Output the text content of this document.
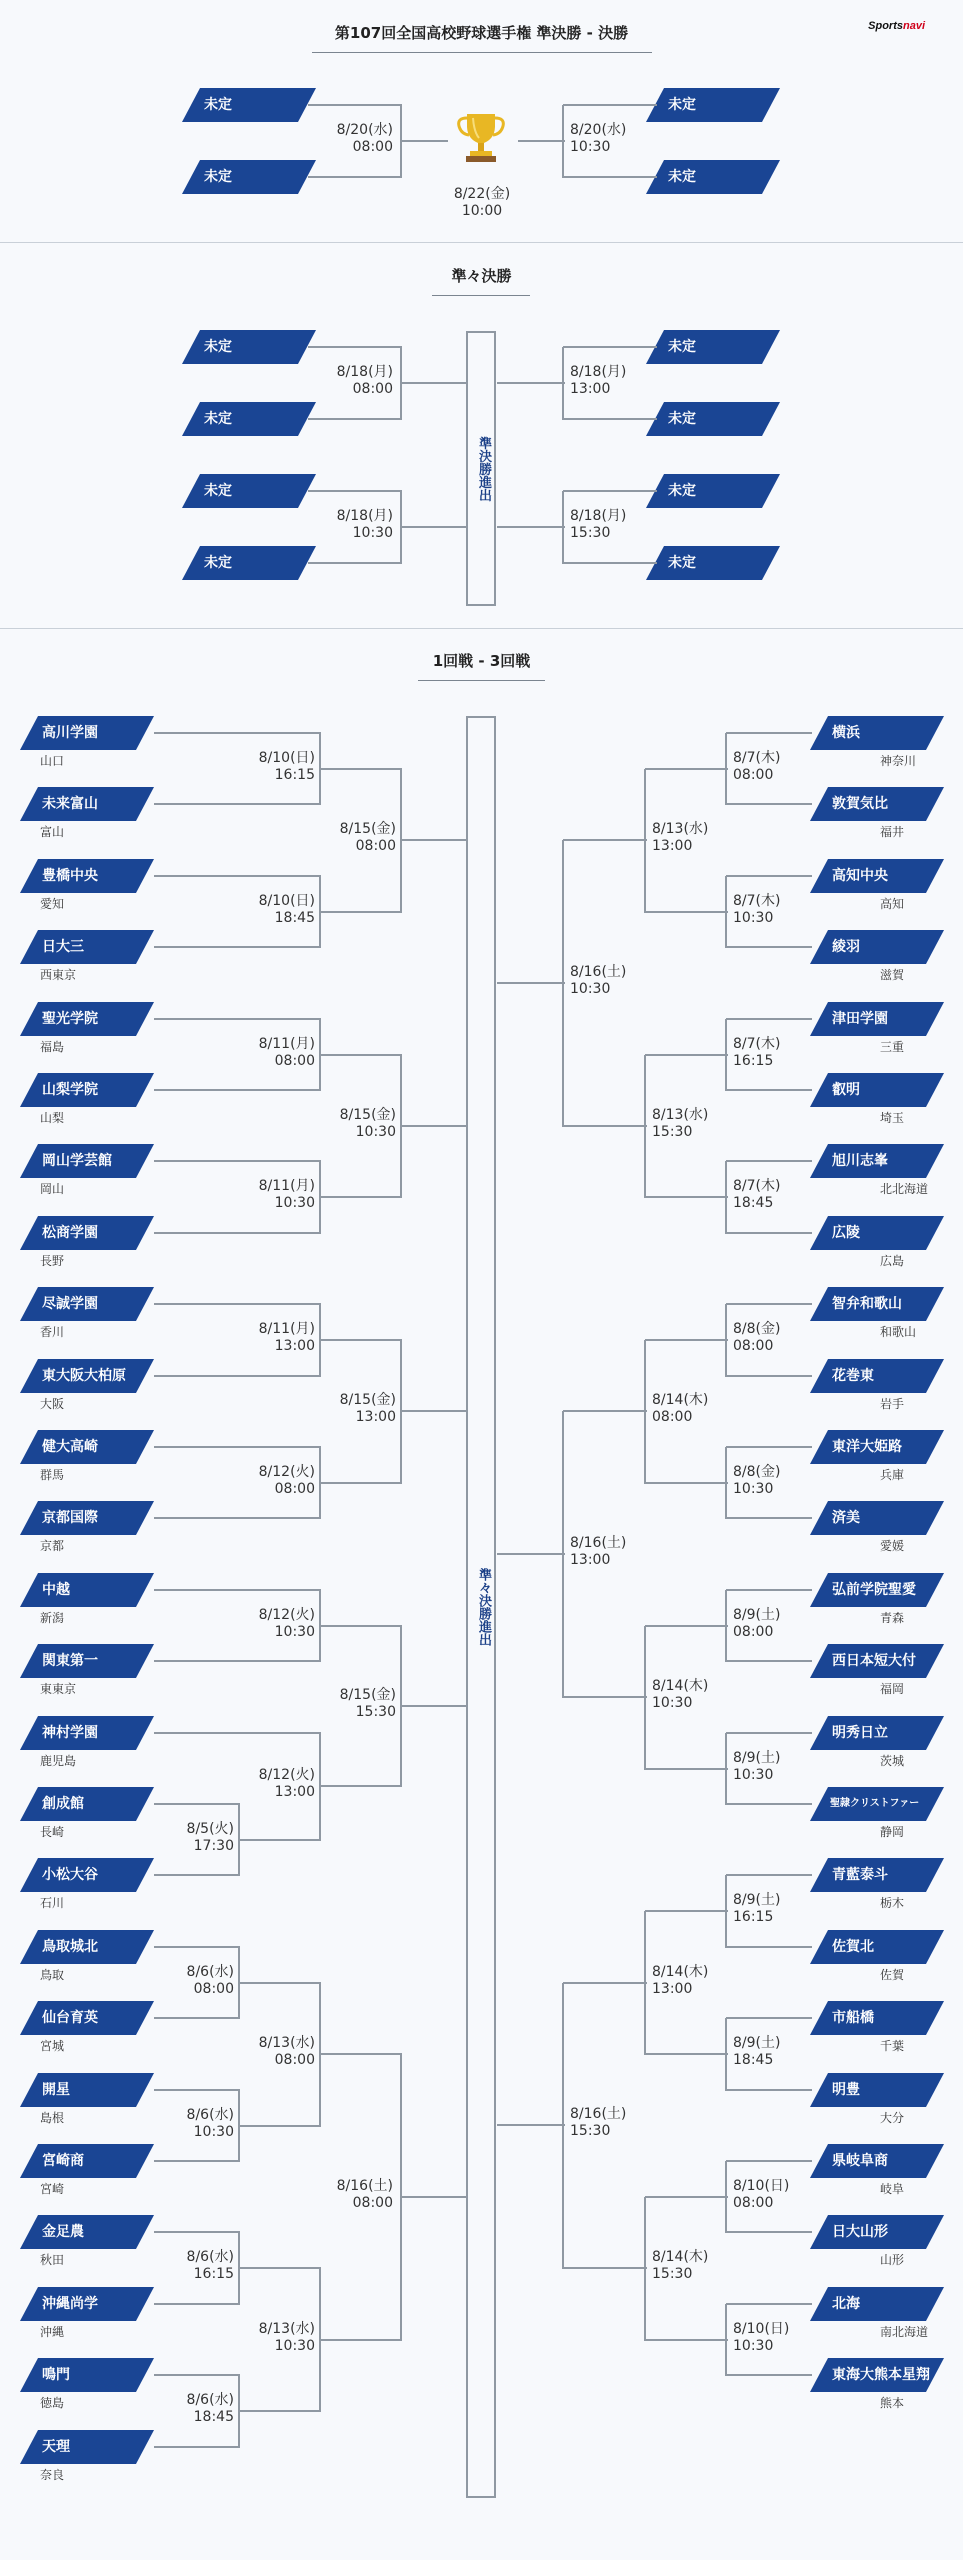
第107回全国高校野球選手権 準決勝 - 決勝	Sportsnavi
準々決勝
1回戦 - 3回戦
未定
未定
未定
未定
8/20(水)
08:00
8/20(水)
10:30
8/22(金)
10:00
未定
未定
未定
未定
未定
未定
未定
未定
8/18(月)
08:00
8/18(月)
13:00
8/18(月)
10:30
8/18(月)
15:30
準決勝進出
高川学園
山口
未来富山
富山
豊橋中央
愛知
日大三
西東京
聖光学院
福島
山梨学院
山梨
岡山学芸館
岡山
松商学園
長野
尽誠学園
香川
東大阪大柏原
大阪
健大高崎
群馬
京都国際
京都
中越
新潟
関東第一
東東京
神村学園
鹿児島
創成館
長崎
小松大谷
石川
鳥取城北
鳥取
仙台育英
宮城
開星
島根
宮崎商
宮崎
金足農
秋田
沖縄尚学
沖縄
鳴門
徳島
天理
奈良
横浜
神奈川
敦賀気比
福井
高知中央
高知
綾羽
滋賀
津田学園
三重
叡明
埼玉
旭川志峯
北北海道
広陵
広島
智弁和歌山
和歌山
花巻東
岩手
東洋大姫路
兵庫
済美
愛媛
弘前学院聖愛
青森
西日本短大付
福岡
明秀日立
茨城
聖隷クリストファー
静岡
青藍泰斗
栃木
佐賀北
佐賀
市船橋
千葉
明豊
大分
県岐阜商
岐阜
日大山形
山形
北海
南北海道
東海大熊本星翔
熊本
8/10(日)
16:15
8/10(日)
18:45
8/15(金)
08:00
8/11(月)
08:00
8/11(月)
10:30
8/15(金)
10:30
8/11(月)
13:00
8/12(火)
08:00
8/15(金)
13:00
8/12(火)
10:30
8/5(火)
17:30
8/12(火)
13:00
8/15(金)
15:30
8/6(水)
08:00
8/6(水)
10:30
8/6(水)
16:15
8/6(水)
18:45
8/13(水)
08:00
8/13(水)
10:30
8/16(土)
08:00
8/7(木)
08:00
8/7(木)
10:30
8/13(水)
13:00
8/7(木)
16:15
8/7(木)
18:45
8/13(水)
15:30
8/8(金)
08:00
8/8(金)
10:30
8/14(木)
08:00
8/9(土)
08:00
8/9(土)
10:30
8/14(木)
10:30
8/9(土)
16:15
8/9(土)
18:45
8/14(木)
13:00
8/10(日)
08:00
8/10(日)
10:30
8/14(木)
15:30
8/16(土)
10:30
8/16(土)
13:00
8/16(土)
15:30
準々決勝進出
